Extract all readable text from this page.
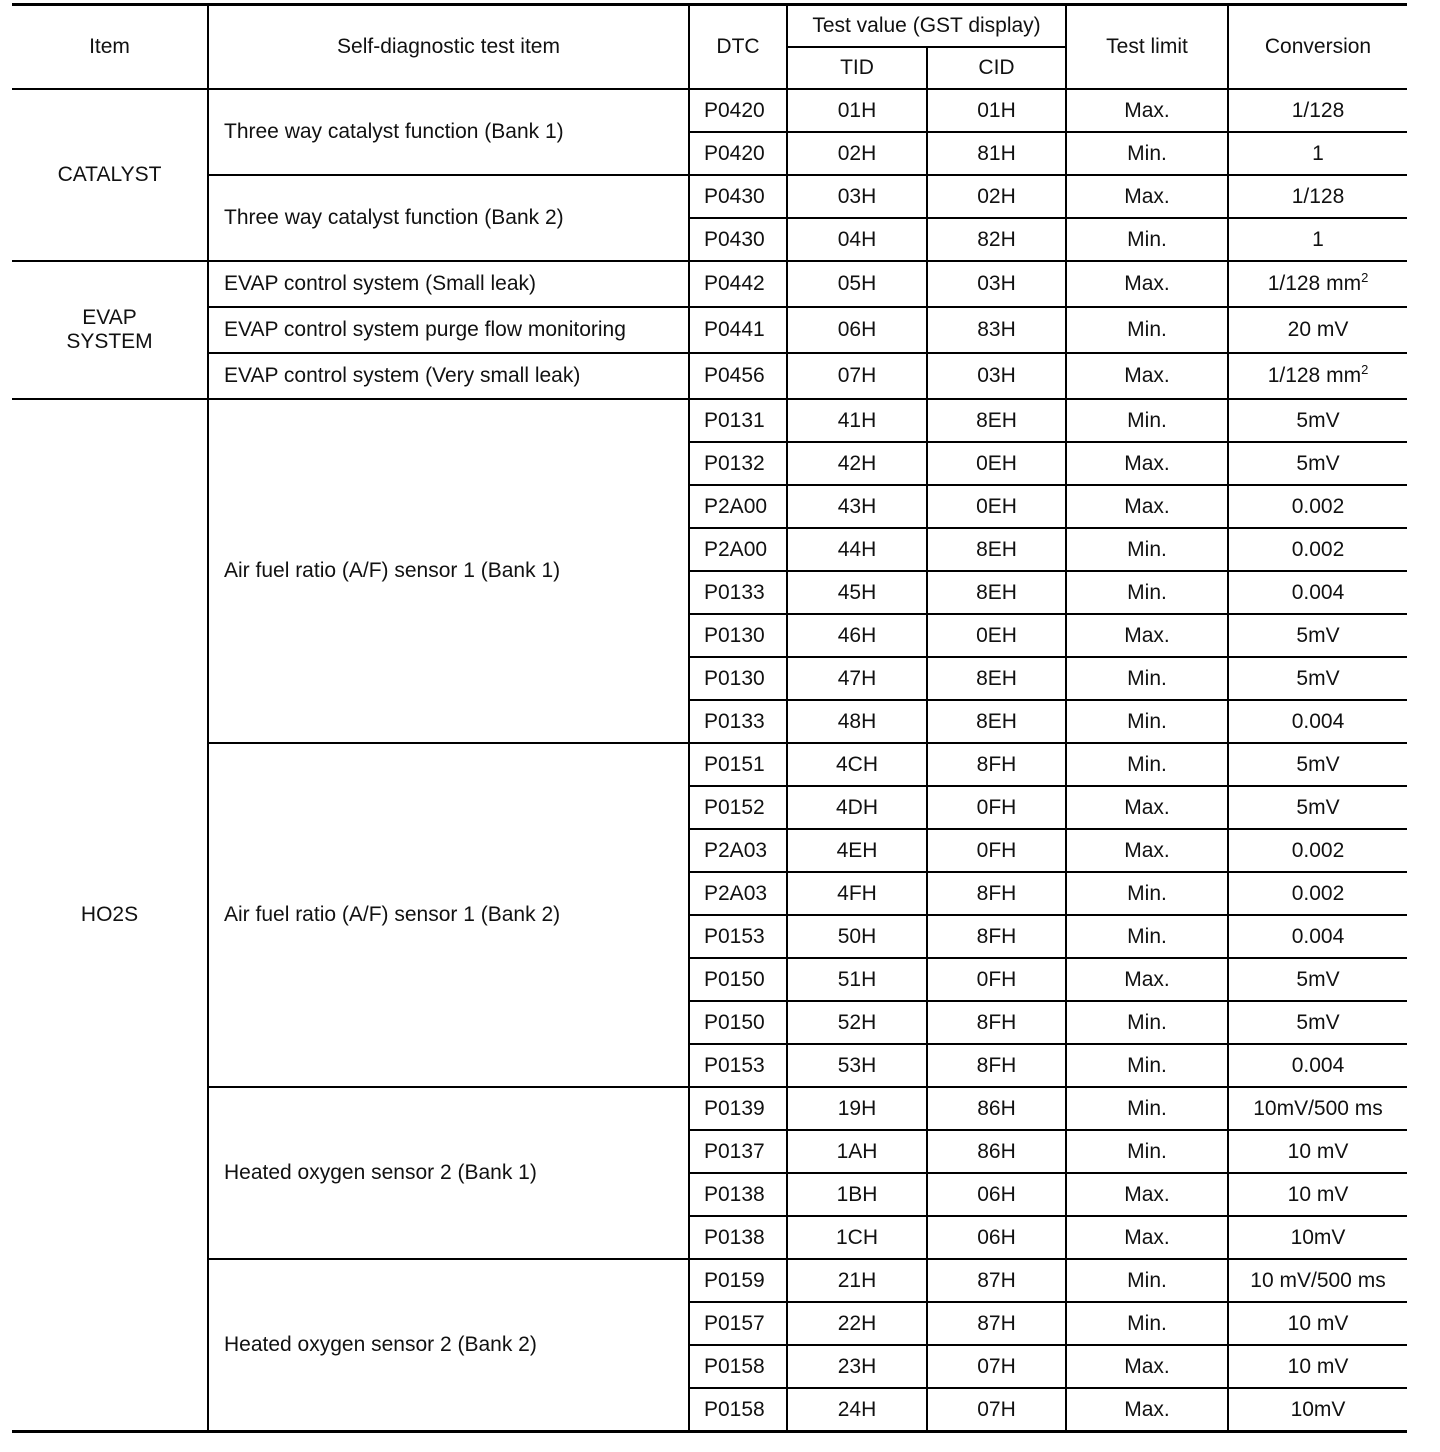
Item	Self-diagnostic test item	DTC	Test value (GST display)		Test limit	Conversion
			TID	CID		
CATALYST	Three way catalyst function (Bank 1)	P0420	01H	01H	Max.	1/128
		P0420	02H	81H	Min.	1
	Three way catalyst function (Bank 2)	P0430	03H	02H	Max.	1/128
		P0430	04H	82H	Min.	1
EVAP SYSTEM	EVAP control system (Small leak)	P0442	05H	03H	Max.	1/128 $mm^2$
	EVAP control system purge flow monitoring	P0441	06H	83H	Min.	20 mV
	EVAP control system (Very small leak)	P0456	07H	03H	Max.	1/128 $mm^2$
HO2S	Air fuel ratio (A/F) sensor 1 (Bank 1)	P0131	41H	8EH	Min.	5mV
		P0132	42H	0EH	Max.	5mV
		P2A00	43H	0EH	Max.	0.002
		P2A00	44H	8EH	Min.	0.002
		P0133	45H	8EH	Min.	0.004
		P0130	46H	0EH	Max.	5mV
		P0130	47H	8EH	Min.	5mV
		P0133	48H	8EH	Min.	0.004
	Air fuel ratio (A/F) sensor 1 (Bank 2)	P0151	4CH	8FH	Min.	5mV
		P0152	4DH	0FH	Max.	5mV
		P2A03	4EH	0FH	Max.	0.002
		P2A03	4FH	8FH	Min.	0.002
		P0153	50H	8FH	Min.	0.004
		P0150	51H	0FH	Max.	5mV
		P0150	52H	8FH	Min.	5mV
		P0153	53H	8FH	Min.	0.004
	Heated oxygen sensor 2 (Bank 1)	P0139	19H	86H	Min.	10mV/500 ms
		P0137	1AH	86H	Min.	10 mV
		P0138	1BH	06H	Max.	10 mV
		P0138	1CH	06H	Max.	10mV
	Heated oxygen sensor 2 (Bank 2)	P0159	21H	87H	Min.	10 mV/500 ms
		P0157	22H	87H	Min.	10 mV
		P0158	23H	07H	Max.	10 mV
		P0158	24H	07H	Max.	10mV
